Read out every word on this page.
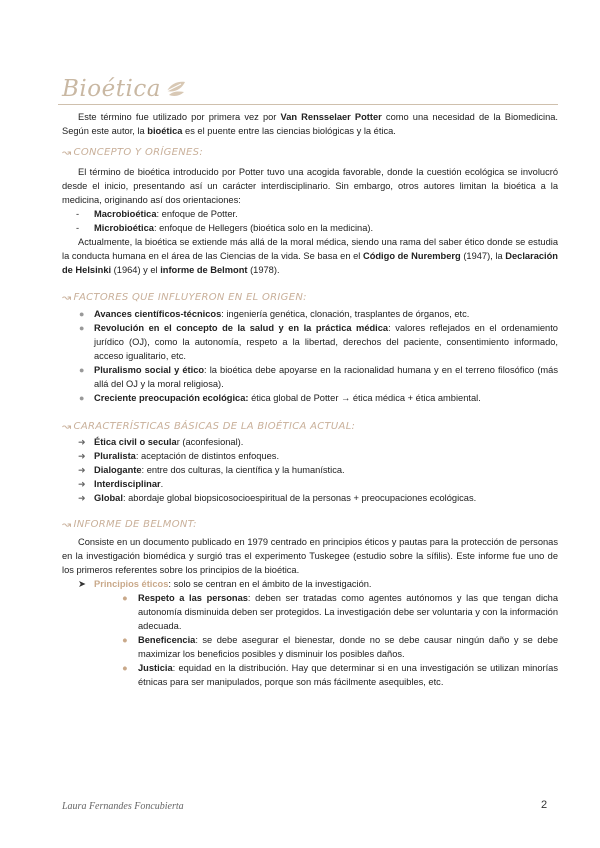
Bioética

Este término fue utilizado por primera vez por Van Rensselaer Potter como una necesidad de la Biomedicina. Según este autor, la bioética es el puente entre las ciencias biológicas y la ética.

↝ CONCEPTO Y ORÍGENES:

El término de bioética introducido por Potter tuvo una acogida favorable, donde la cuestión ecológica se involucró desde el inicio, presentando así un carácter interdisciplinario. Sin embargo, otros autores limitan la bioética a la medicina, originando así dos orientaciones:

- Macrobioética: enfoque de Potter.
- Microbioética: enfoque de Hellegers (bioética solo en la medicina).

Actualmente, la bioética se extiende más allá de la moral médica, siendo una rama del saber ético donde se estudia la conducta humana en el área de las Ciencias de la vida. Se basa en el Código de Nuremberg (1947), la Declaración de Helsinki (1964) y el informe de Belmont (1978).

↝ FACTORES QUE INFLUYERON EN EL ORIGEN:
● Avances científicos-técnicos: ingeniería genética, clonación, trasplantes de órganos, etc.
● Revolución en el concepto de la salud y en la práctica médica: valores reflejados en el ordenamiento jurídico (OJ), como la autonomía, respeto a la libertad, derechos del paciente, consentimiento informado, acceso igualitario, etc.
● Pluralismo social y ético: la bioética debe apoyarse en la racionalidad humana y en el terreno filosófico (más allá del OJ y la moral religiosa).
● Creciente preocupación ecológica: ética global de Potter → ética médica + ética ambiental.
↝ CARACTERÍSTICAS BÁSICAS DE LA BIOÉTICA ACTUAL:
➜ Ética civil o secular (aconfesional).
➜ Pluralista: aceptación de distintos enfoques.
➜ Dialogante: entre dos culturas, la científica y la humanística.
➜ Interdisciplinar.
➜ Global: abordaje global biopsicosocioespiritual de la personas + preocupaciones ecológicas.
↝ INFORME DE BELMONT:

Consiste en un documento publicado en 1979 centrado en principios éticos y pautas para la protección de personas en la investigación biomédica y surgió tras el experimento Tuskegee (estudio sobre la sífilis). Este informe fue uno de los primeros referentes sobre los principios de la bioética.

➤ Principios éticos: solo se centran en el ámbito de la investigación.
● Respeto a las personas: deben ser tratadas como agentes autónomos y las que tengan dicha autonomía disminuida deben ser protegidos. La investigación debe ser voluntaria y con la información adecuada.
● Beneficencia: se debe asegurar el bienestar, donde no se debe causar ningún daño y se debe maximizar los beneficios posibles y disminuir los posibles daños.
● Justicia: equidad en la distribución. Hay que determinar si en una investigación se utilizan minorías étnicas para ser manipulados, porque son más fácilmente asequibles, etc.
Laura Fernandes Foncubierta	2
